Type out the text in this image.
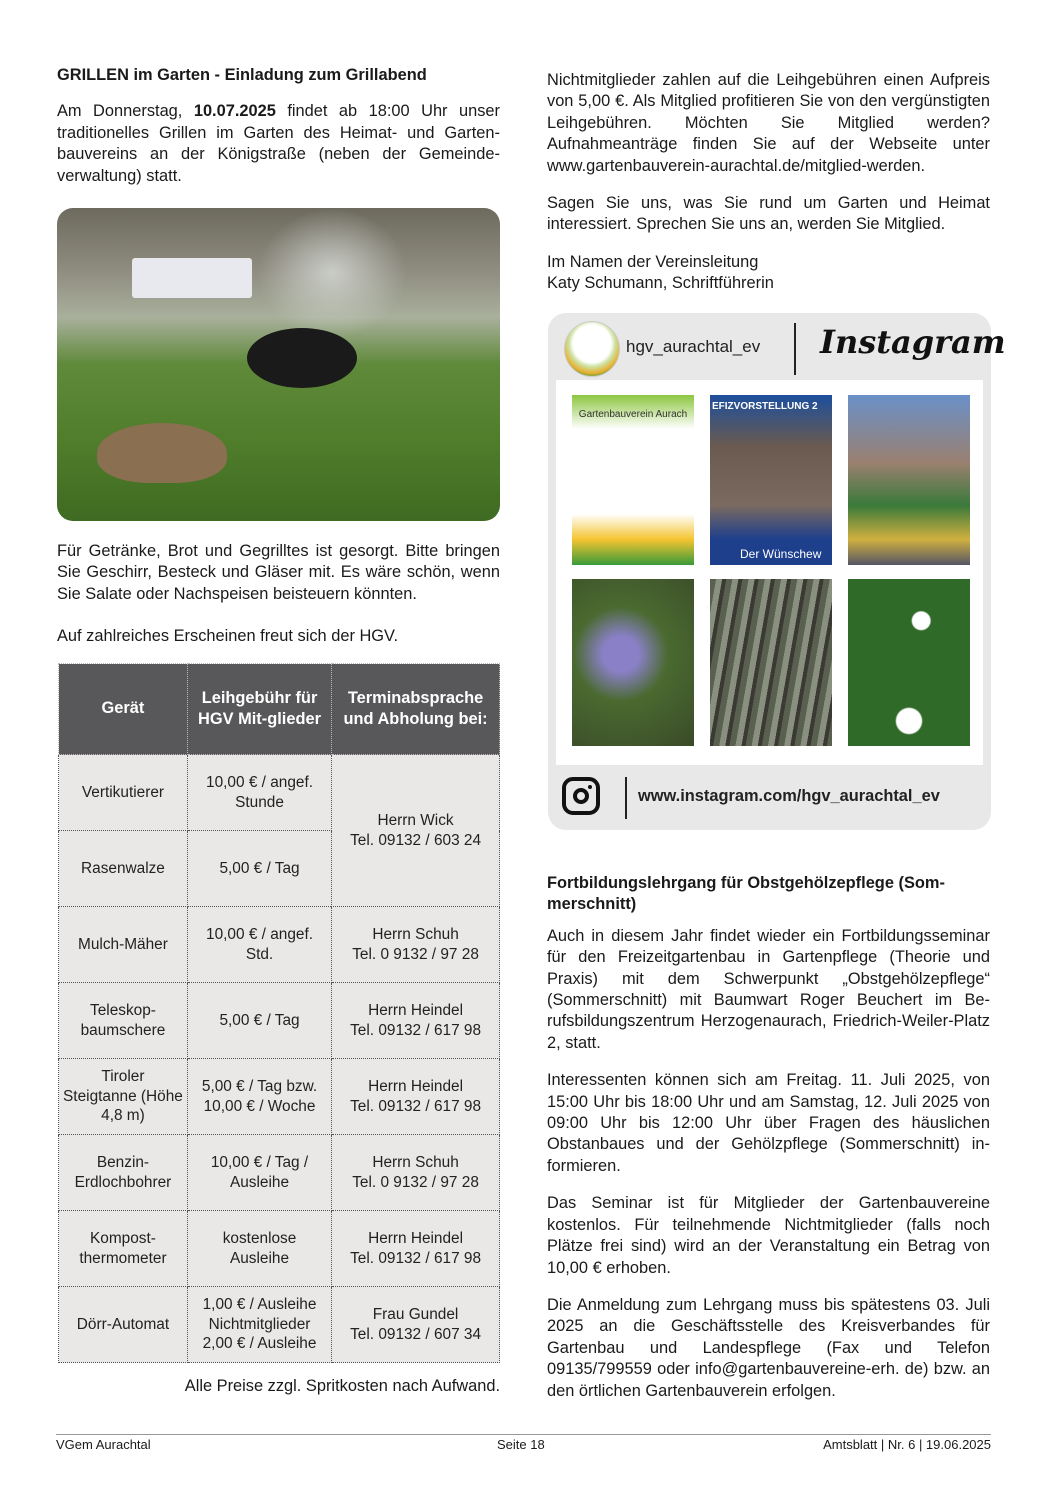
GRILLEN im Garten - Einladung zum Grillabend

Am Donnerstag, 10.07.2025 findet ab 18:00 Uhr unser traditionelles Grillen im Garten des Heimat- und Gartenbauvereins an der Königstraße (neben der Gemeindeverwaltung) statt.

Für Getränke, Brot und Gegrilltes ist gesorgt. Bitte bringen Sie Geschirr, Besteck und Gläser mit. Es wäre schön, wenn Sie Salate oder Nachspeisen beisteuern könnten.

Auf zahlreiches Erscheinen freut sich der HGV.

Gerät	Leihgebühr für HGV Mit-glieder	Terminabsprache und Abholung bei:
Vertikutierer	10,00 € / angef. Stunde	Herrn Wick
Tel. 09132 / 603 24
Rasenwalze	5,00 € / Tag	
Mulch-Mäher	10,00 € / angef. Std.	Herrn Schuh
Tel. 0 9132 / 97 28
Teleskop-baumschere	5,00 € / Tag	Herrn Heindel
Tel. 09132 / 617 98
Tiroler Steigtanne (Höhe 4,8 m)	5,00 € / Tag bzw. 10,00 € / Woche	Herrn Heindel
Tel. 09132 / 617 98
Benzin-Erdlochbohrer	10,00 € / Tag / Ausleihe	Herrn Schuh
Tel. 0 9132 / 97 28
Kompost-thermometer	kostenlose Ausleihe	Herrn Heindel
Tel. 09132 / 617 98
Dörr-Automat	1,00 € / Ausleihe Nichtmitglieder 2,00 € / Ausleihe	Frau Gundel
Tel. 09132 / 607 34
Alle Preise zzgl. Spritkosten nach Aufwand.

Nichtmitglieder zahlen auf die Leihgebühren einen Aufpreis von 5,00 €. Als Mitglied profitieren Sie von den vergünstigten Leihgebühren. Möchten Sie Mitglied werden? Aufnahmeanträge finden Sie auf der Webseite unter www.gartenbauverein-aurachtal.de/mitglied-werden.

Sagen Sie uns, was Sie rund um Garten und Heimat interessiert. Sprechen Sie uns an, werden Sie Mitglied.

Im Namen der Vereinsleitung

Katy Schumann, Schriftführerin

hgv_aurachtal_ev Instagram
Gartenbauverein Aurach
EFIZVORSTELLUNG 2
Der Wünschew
www.instagram.com/hgv_aurachtal_ev
Fortbildungslehrgang für Obstgehölzepflege (Sommerschnitt)

Auch in diesem Jahr findet wieder ein Fortbildungsseminar für den Freizeitgartenbau in Gartenpflege (Theorie und Praxis) mit dem Schwerpunkt „Obstgehölzepflege“ (Sommerschnitt) mit Baumwart Roger Beuchert im Berufsbildungszentrum Herzogenaurach, Friedrich-Weiler-Platz 2, statt.

Interessenten können sich am Freitag. 11. Juli 2025, von 15:00 Uhr bis 18:00 Uhr und am Samstag, 12. Juli 2025 von 09:00 Uhr bis 12:00 Uhr über Fragen des häuslichen Obstanbaues und der Gehölzpflege (Sommerschnitt) informieren.

Das Seminar ist für Mitglieder der Gartenbauvereine kostenlos. Für teilnehmende Nichtmitglieder (falls noch Plätze frei sind) wird an der Veranstaltung ein Betrag von 10,00 € erhoben.

Die Anmeldung zum Lehrgang muss bis spätestens 03. Juli 2025 an die Geschäftsstelle des Kreisverbandes für Gartenbau und Landespflege (Fax und Telefon 09135/799559 oder info@gartenbauvereine-erh. de) bzw. an den örtlichen Gartenbauverein erfolgen.

VGem Aurachtal	Seite 18	Amtsblatt | Nr. 6 | 19.06.2025
